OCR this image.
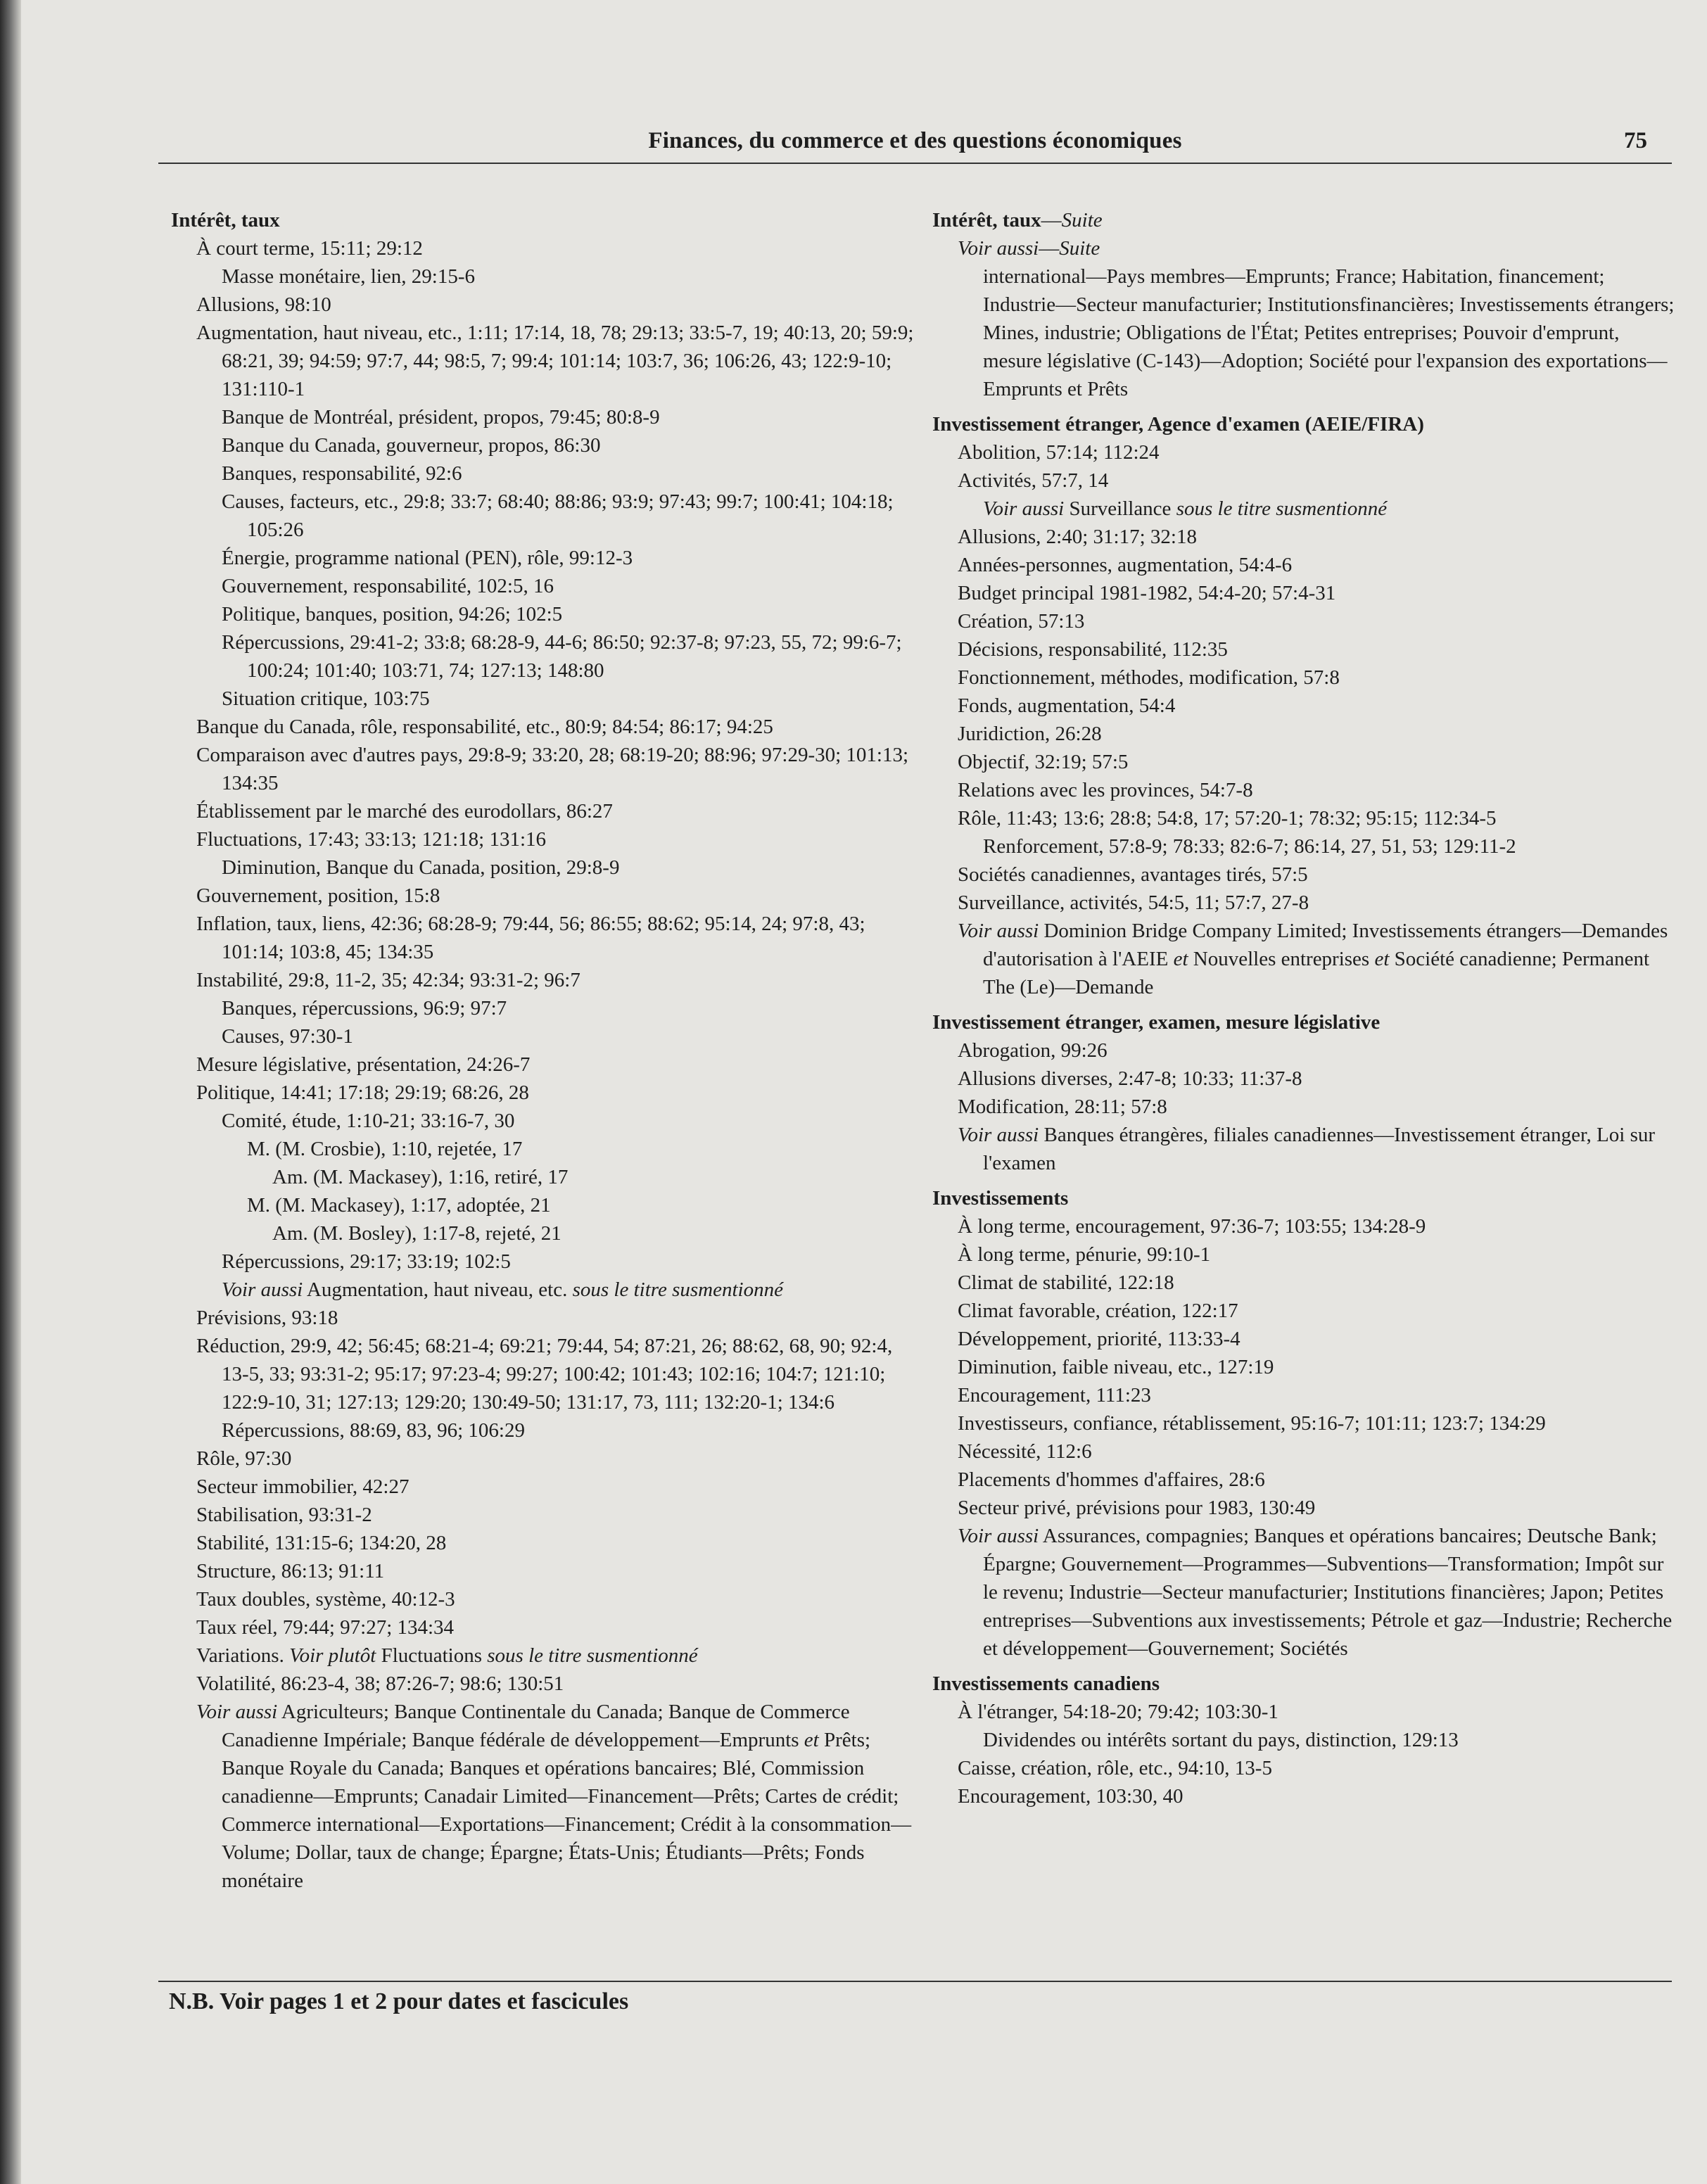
Finances, du commerce et des questions économiques	75
Intérêt, taux
À court terme, 15:11; 29:12
Masse monétaire, lien, 29:15-6
Allusions, 98:10
Augmentation, haut niveau, etc., 1:11; 17:14, 18, 78; 29:13; 33:5-7, 19; 40:13, 20; 59:9; 68:21, 39; 94:59; 97:7, 44; 98:5, 7; 99:4; 101:14; 103:7, 36; 106:26, 43; 122:9-10; 131:110-1
Banque de Montréal, président, propos, 79:45; 80:8-9
Banque du Canada, gouverneur, propos, 86:30
Banques, responsabilité, 92:6
Causes, facteurs, etc., 29:8; 33:7; 68:40; 88:86; 93:9; 97:43; 99:7; 100:41; 104:18; 105:26
Énergie, programme national (PEN), rôle, 99:12-3
Gouvernement, responsabilité, 102:5, 16
Politique, banques, position, 94:26; 102:5
Répercussions, 29:41-2; 33:8; 68:28-9, 44-6; 86:50; 92:37-8; 97:23, 55, 72; 99:6-7; 100:24; 101:40; 103:71, 74; 127:13; 148:80
Situation critique, 103:75
Banque du Canada, rôle, responsabilité, etc., 80:9; 84:54; 86:17; 94:25
Comparaison avec d'autres pays, 29:8-9; 33:20, 28; 68:19-20; 88:96; 97:29-30; 101:13; 134:35
Établissement par le marché des eurodollars, 86:27
Fluctuations, 17:43; 33:13; 121:18; 131:16
Diminution, Banque du Canada, position, 29:8-9
Gouvernement, position, 15:8
Inflation, taux, liens, 42:36; 68:28-9; 79:44, 56; 86:55; 88:62; 95:14, 24; 97:8, 43; 101:14; 103:8, 45; 134:35
Instabilité, 29:8, 11-2, 35; 42:34; 93:31-2; 96:7
Banques, répercussions, 96:9; 97:7
Causes, 97:30-1
Mesure législative, présentation, 24:26-7
Politique, 14:41; 17:18; 29:19; 68:26, 28
Comité, étude, 1:10-21; 33:16-7, 30
M. (M. Crosbie), 1:10, rejetée, 17
Am. (M. Mackasey), 1:16, retiré, 17
M. (M. Mackasey), 1:17, adoptée, 21
Am. (M. Bosley), 1:17-8, rejeté, 21
Répercussions, 29:17; 33:19; 102:5
Voir aussi Augmentation, haut niveau, etc. sous le titre susmentionné
Prévisions, 93:18
Réduction, 29:9, 42; 56:45; 68:21-4; 69:21; 79:44, 54; 87:21, 26; 88:62, 68, 90; 92:4, 13-5, 33; 93:31-2; 95:17; 97:23-4; 99:27; 100:42; 101:43; 102:16; 104:7; 121:10; 122:9-10, 31; 127:13; 129:20; 130:49-50; 131:17, 73, 111; 132:20-1; 134:6
Répercussions, 88:69, 83, 96; 106:29
Rôle, 97:30
Secteur immobilier, 42:27
Stabilisation, 93:31-2
Stabilité, 131:15-6; 134:20, 28
Structure, 86:13; 91:11
Taux doubles, système, 40:12-3
Taux réel, 79:44; 97:27; 134:34
Variations. Voir plutôt Fluctuations sous le titre susmentionné
Volatilité, 86:23-4, 38; 87:26-7; 98:6; 130:51
Voir aussi Agriculteurs; Banque Continentale du Canada; Banque de Commerce Canadienne Impériale; Banque fédérale de développement—Emprunts et Prêts; Banque Royale du Canada; Banques et opérations bancaires; Blé, Commission canadienne—Emprunts; Canadair Limited—Financement—Prêts; Cartes de crédit; Commerce international—Exportations—Financement; Crédit à la consommation—Volume; Dollar, taux de change; Épargne; États-Unis; Étudiants—Prêts; Fonds monétaire
Intérêt, taux—Suite
Voir aussi—Suite
international—Pays membres—Emprunts; France; Habitation, financement; Industrie—Secteur manufacturier; Institutionsfinancières; Investissements étrangers; Mines, industrie; Obligations de l'État; Petites entreprises; Pouvoir d'emprunt, mesure législative (C-143)—Adoption; Société pour l'expansion des exportations—Emprunts et Prêts
Investissement étranger, Agence d'examen (AEIE/FIRA)
Abolition, 57:14; 112:24
Activités, 57:7, 14
Voir aussi Surveillance sous le titre susmentionné
Allusions, 2:40; 31:17; 32:18
Années-personnes, augmentation, 54:4-6
Budget principal 1981-1982, 54:4-20; 57:4-31
Création, 57:13
Décisions, responsabilité, 112:35
Fonctionnement, méthodes, modification, 57:8
Fonds, augmentation, 54:4
Juridiction, 26:28
Objectif, 32:19; 57:5
Relations avec les provinces, 54:7-8
Rôle, 11:43; 13:6; 28:8; 54:8, 17; 57:20-1; 78:32; 95:15; 112:34-5
Renforcement, 57:8-9; 78:33; 82:6-7; 86:14, 27, 51, 53; 129:11-2
Sociétés canadiennes, avantages tirés, 57:5
Surveillance, activités, 54:5, 11; 57:7, 27-8
Voir aussi Dominion Bridge Company Limited; Investissements étrangers—Demandes d'autorisation à l'AEIE et Nouvelles entreprises et Société canadienne; Permanent The (Le)—Demande
Investissement étranger, examen, mesure législative
Abrogation, 99:26
Allusions diverses, 2:47-8; 10:33; 11:37-8
Modification, 28:11; 57:8
Voir aussi Banques étrangères, filiales canadiennes—Investissement étranger, Loi sur l'examen
Investissements
À long terme, encouragement, 97:36-7; 103:55; 134:28-9
À long terme, pénurie, 99:10-1
Climat de stabilité, 122:18
Climat favorable, création, 122:17
Développement, priorité, 113:33-4
Diminution, faible niveau, etc., 127:19
Encouragement, 111:23
Investisseurs, confiance, rétablissement, 95:16-7; 101:11; 123:7; 134:29
Nécessité, 112:6
Placements d'hommes d'affaires, 28:6
Secteur privé, prévisions pour 1983, 130:49
Voir aussi Assurances, compagnies; Banques et opérations bancaires; Deutsche Bank; Épargne; Gouvernement—Programmes—Subventions—Transformation; Impôt sur le revenu; Industrie—Secteur manufacturier; Institutions financières; Japon; Petites entreprises—Subventions aux investissements; Pétrole et gaz—Industrie; Recherche et développement—Gouvernement; Sociétés
Investissements canadiens
À l'étranger, 54:18-20; 79:42; 103:30-1
Dividendes ou intérêts sortant du pays, distinction, 129:13
Caisse, création, rôle, etc., 94:10, 13-5
Encouragement, 103:30, 40
N.B. Voir pages 1 et 2 pour dates et fascicules
